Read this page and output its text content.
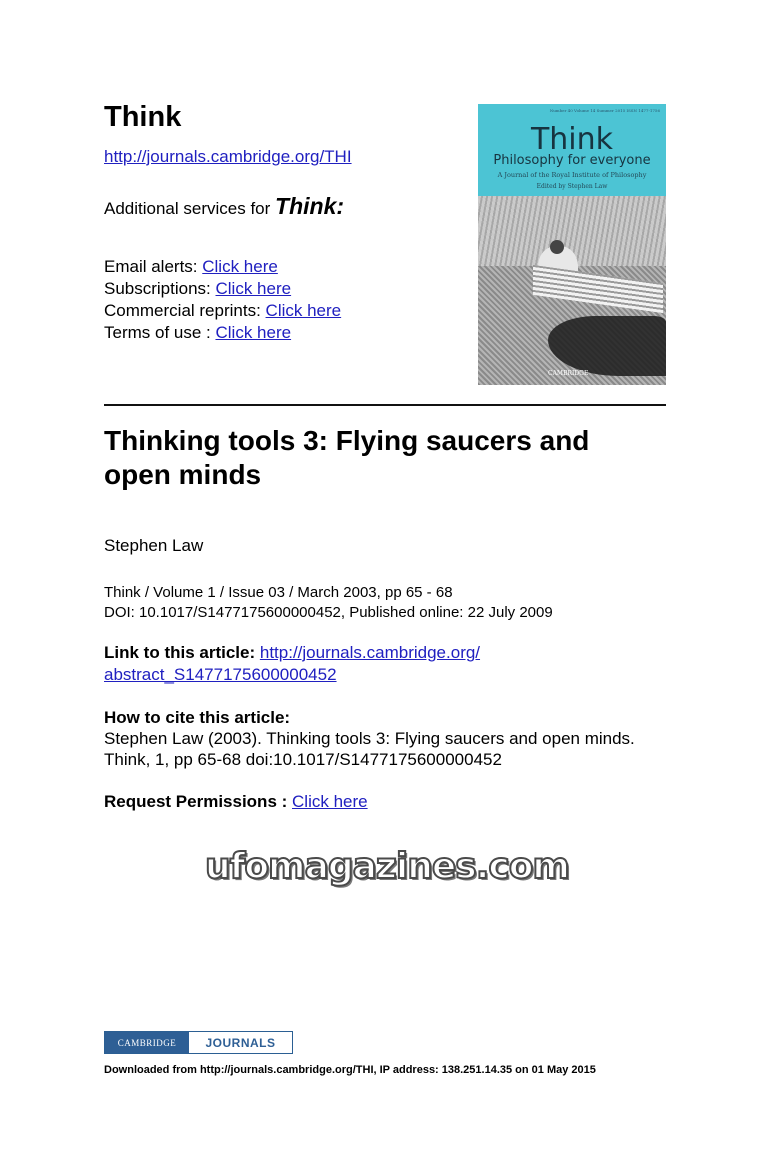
Think
http://journals.cambridge.org/THI
Additional services for Think:
Email alerts: Click here
Subscriptions: Click here
Commercial reprints: Click here
Terms of use : Click here
Number 40 Volume 14 Summer 2015 ISSN 1477-1756
Think
Philosophy for everyone
A Journal of the Royal Institute of Philosophy
Edited by Stephen Law
CAMBRIDGE
Thinking tools 3: Flying saucers and open minds
Stephen Law
Think / Volume 1 / Issue 03 / March 2003, pp 65 - 68
DOI: 10.1017/S1477175600000452, Published online: 22 July 2009
Link to this article: http://journals.cambridge.org/
abstract_S1477175600000452
How to cite this article:
Stephen Law (2003). Thinking tools 3: Flying saucers and open minds. Think, 1, pp 65-68 doi:10.1017/S1477175600000452
Request Permissions : Click here
ufomagazines.com
CAMBRIDGE	JOURNALS
Downloaded from http://journals.cambridge.org/THI, IP address: 138.251.14.35 on 01 May 2015
